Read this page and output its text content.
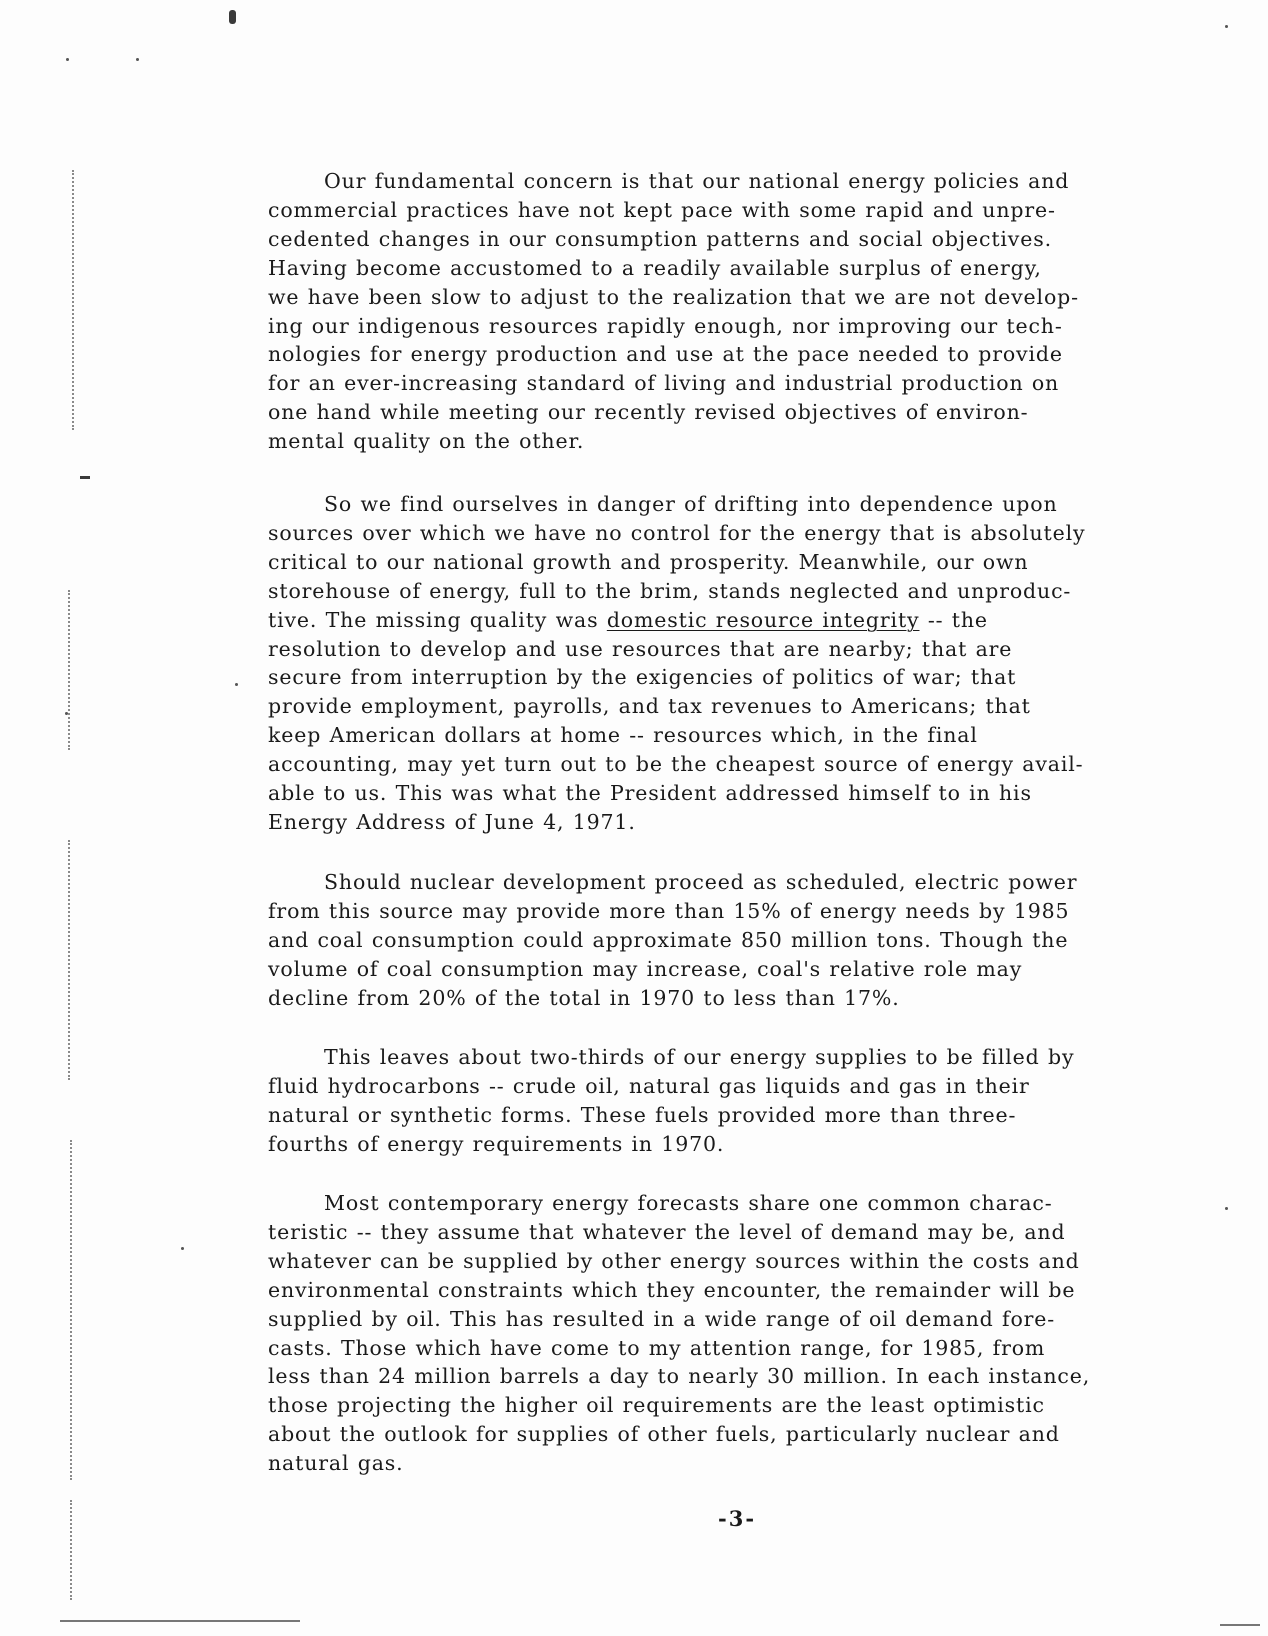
Our fundamental concern is that our national energy policies and
commercial practices have not kept pace with some rapid and unpre-
cedented changes in our consumption patterns and social objectives.
Having become accustomed to a readily available surplus of energy,
we have been slow to adjust to the realization that we are not develop-
ing our indigenous resources rapidly enough, nor improving our tech-
nologies for energy production and use at the pace needed to provide
for an ever-increasing standard of living and industrial production on
one hand while meeting our recently revised objectives of environ-
mental quality on the other.

So we find ourselves in danger of drifting into dependence upon
sources over which we have no control for the energy that is absolutely
critical to our national growth and prosperity. Meanwhile, our own
storehouse of energy, full to the brim, stands neglected and unproduc-
tive. The missing quality was domestic resource integrity -- the
resolution to develop and use resources that are nearby; that are
secure from interruption by the exigencies of politics of war; that
provide employment, payrolls, and tax revenues to Americans; that
keep American dollars at home -- resources which, in the final
accounting, may yet turn out to be the cheapest source of energy avail-
able to us. This was what the President addressed himself to in his
Energy Address of June 4, 1971.

Should nuclear development proceed as scheduled, electric power
from this source may provide more than 15% of energy needs by 1985
and coal consumption could approximate 850 million tons. Though the
volume of coal consumption may increase, coal's relative role may
decline from 20% of the total in 1970 to less than 17%.

This leaves about two-thirds of our energy supplies to be filled by
fluid hydrocarbons -- crude oil, natural gas liquids and gas in their
natural or synthetic forms. These fuels provided more than three-
fourths of energy requirements in 1970.

Most contemporary energy forecasts share one common charac-
teristic -- they assume that whatever the level of demand may be, and
whatever can be supplied by other energy sources within the costs and
environmental constraints which they encounter, the remainder will be
supplied by oil. This has resulted in a wide range of oil demand fore-
casts. Those which have come to my attention range, for 1985, from
less than 24 million barrels a day to nearly 30 million. In each instance,
those projecting the higher oil requirements are the least optimistic
about the outlook for supplies of other fuels, particularly nuclear and
natural gas.

-3-
